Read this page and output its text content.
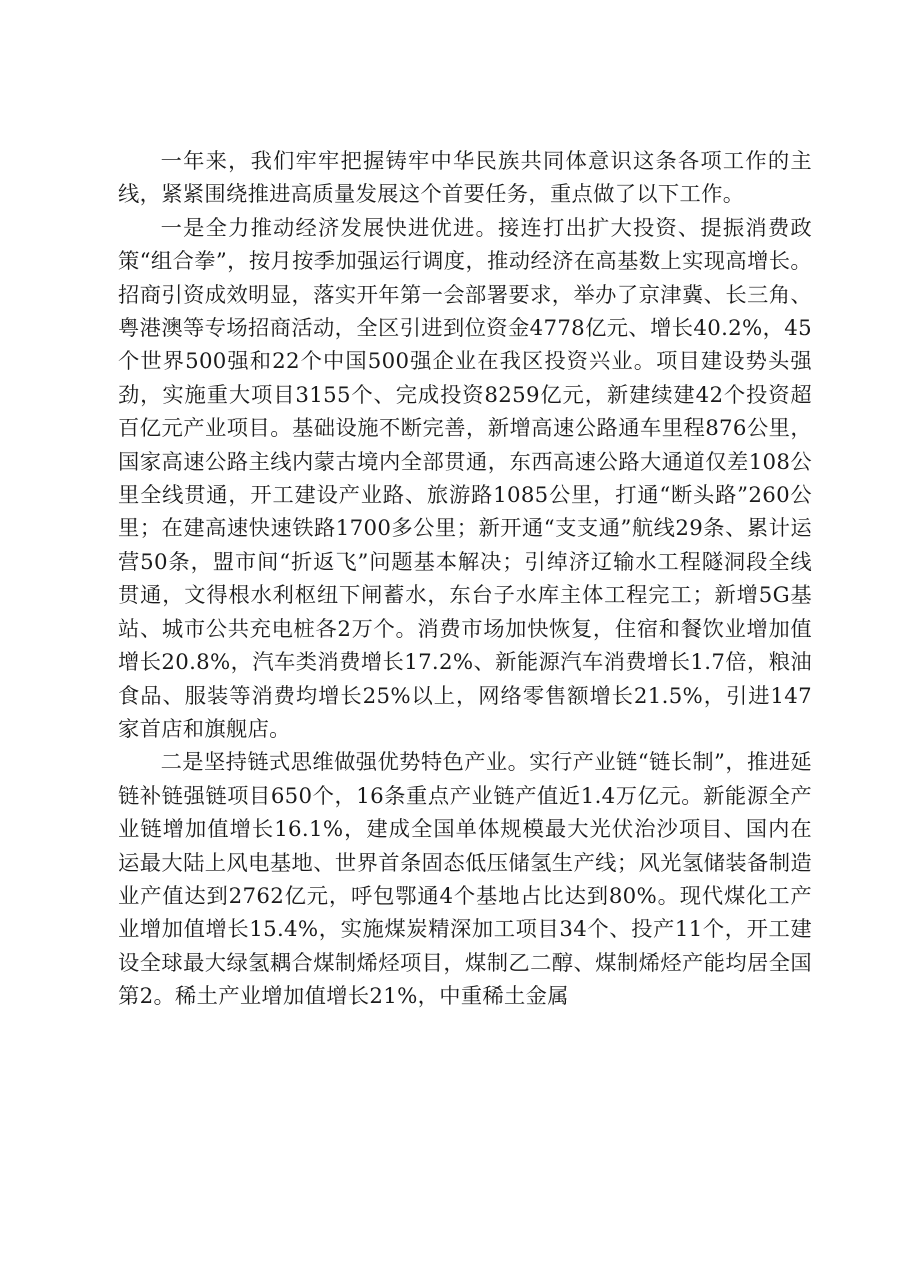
一年来，我们牢牢把握铸牢中华民族共同体意识这条各项工作的主线，紧紧围绕推进高质量发展这个首要任务，重点做了以下工作。

一是全力推动经济发展快进优进。接连打出扩大投资、提振消费政策“组合拳”，按月按季加强运行调度，推动经济在高基数上实现高增长。招商引资成效明显，落实开年第一会部署要求，举办了京津冀、长三角、粤港澳等专场招商活动，全区引进到位资金4778亿元、增长40.2%，45个世界500强和22个中国500强企业在我区投资兴业。项目建设势头强劲，实施重大项目3155个、完成投资8259亿元，新建续建42个投资超百亿元产业项目。基础设施不断完善，新增高速公路通车里程876公里，国家高速公路主线内蒙古境内全部贯通，东西高速公路大通道仅差108公里全线贯通，开工建设产业路、旅游路1085公里，打通“断头路”260公里；在建高速快速铁路1700多公里；新开通“支支通”航线29条、累计运营50条，盟市间“折返飞”问题基本解决；引绰济辽输水工程隧洞段全线贯通，文得根水利枢纽下闸蓄水，东台子水库主体工程完工；新增5G基站、城市公共充电桩各2万个。消费市场加快恢复，住宿和餐饮业增加值增长20.8%，汽车类消费增长17.2%、新能源汽车消费增长1.7倍，粮油食品、服装等消费均增长25%以上，网络零售额增长21.5%，引进147家首店和旗舰店。

二是坚持链式思维做强优势特色产业。实行产业链“链长制”，推进延链补链强链项目650个，16条重点产业链产值近1.4万亿元。新能源全产业链增加值增长16.1%，建成全国单体规模最大光伏治沙项目、国内在运最大陆上风电基地、世界首条固态低压储氢生产线；风光氢储装备制造业产值达到2762亿元，呼包鄂通4个基地占比达到80%。现代煤化工产业增加值增长15.4%，实施煤炭精深加工项目34个、投产11个，开工建设全球最大绿氢耦合煤制烯烃项目，煤制乙二醇、煤制烯烃产能均居全国第2。稀土产业增加值增长21%，中重稀土金属
